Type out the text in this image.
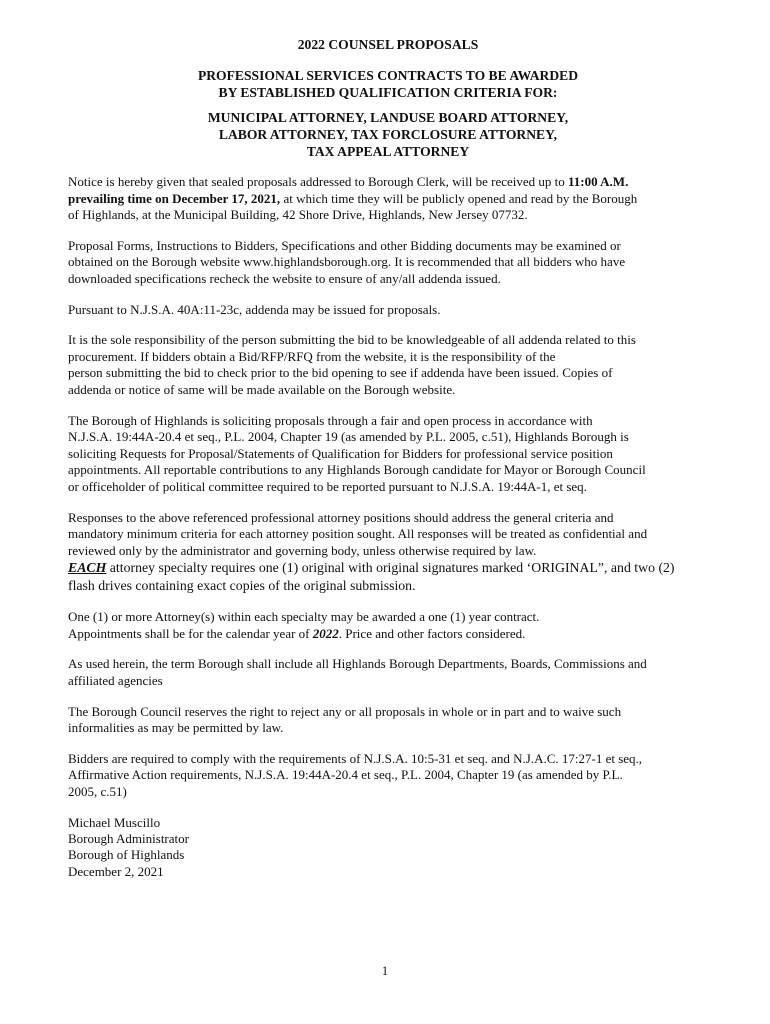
2022 COUNSEL PROPOSALS

PROFESSIONAL SERVICES CONTRACTS TO BE AWARDED
BY ESTABLISHED QUALIFICATION CRITERIA FOR:

MUNICIPAL ATTORNEY, LANDUSE BOARD ATTORNEY,
LABOR ATTORNEY, TAX FORCLOSURE ATTORNEY,
TAX APPEAL ATTORNEY

Notice is hereby given that sealed proposals addressed to Borough Clerk, will be received up to 11:00 A.M.
prevailing time on December 17, 2021, at which time they will be publicly opened and read by the Borough
of Highlands, at the Municipal Building, 42 Shore Drive, Highlands, New Jersey 07732.

Proposal Forms, Instructions to Bidders, Specifications and other Bidding documents may be examined or
obtained on the Borough website www.highlandsborough.org. It is recommended that all bidders who have
downloaded specifications recheck the website to ensure of any/all addenda issued.

Pursuant to N.J.S.A. 40A:11-23c, addenda may be issued for proposals.

It is the sole responsibility of the person submitting the bid to be knowledgeable of all addenda related to this
procurement. If bidders obtain a Bid/RFP/RFQ from the website, it is the responsibility of the
person submitting the bid to check prior to the bid opening to see if addenda have been issued. Copies of
addenda or notice of same will be made available on the Borough website.

The Borough of Highlands is soliciting proposals through a fair and open process in accordance with
N.J.S.A. 19:44A-20.4 et seq., P.L. 2004, Chapter 19 (as amended by P.L. 2005, c.51), Highlands Borough is
soliciting Requests for Proposal/Statements of Qualification for Bidders for professional service position
appointments. All reportable contributions to any Highlands Borough candidate for Mayor or Borough Council
or officeholder of political committee required to be reported pursuant to N.J.S.A. 19:44A-1, et seq.

Responses to the above referenced professional attorney positions should address the general criteria and
mandatory minimum criteria for each attorney position sought. All responses will be treated as confidential and
reviewed only by the administrator and governing body, unless otherwise required by law.

EACH attorney specialty requires one (1) original with original signatures marked ‘ORIGINAL”, and two (2)
flash drives containing exact copies of the original submission.

One (1) or more Attorney(s) within each specialty may be awarded a one (1) year contract.
Appointments shall be for the calendar year of 2022. Price and other factors considered.

As used herein, the term Borough shall include all Highlands Borough Departments, Boards, Commissions and
affiliated agencies

The Borough Council reserves the right to reject any or all proposals in whole or in part and to waive such
informalities as may be permitted by law.

Bidders are required to comply with the requirements of N.J.S.A. 10:5-31 et seq. and N.J.A.C. 17:27-1 et seq.,
Affirmative Action requirements, N.J.S.A. 19:44A-20.4 et seq., P.L. 2004, Chapter 19 (as amended by P.L.
2005, c.51)

Michael Muscillo
Borough Administrator
Borough of Highlands
December 2, 2021
1
